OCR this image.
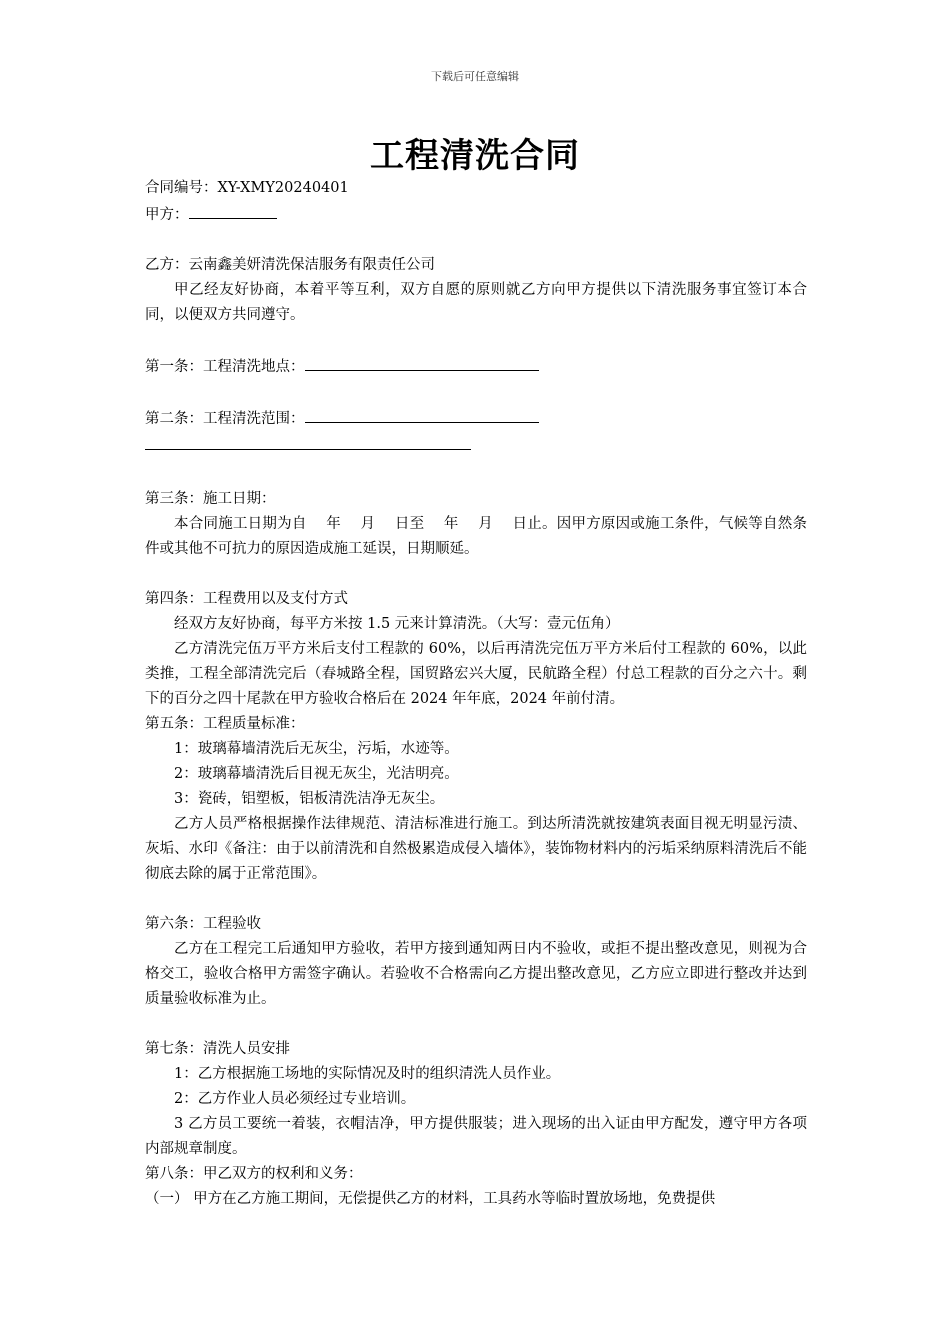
下载后可任意编辑
工程清洗合同
合同编号：XY-XMY20240401
甲方：
乙方：云南鑫美妍清洗保洁服务有限责任公司
甲乙经友好协商，本着平等互利，双方自愿的原则就乙方向甲方提供以下清洗服务事宜签订本合同，以便双方共同遵守。
第一条：工程清洗地点：
第二条：工程清洗范围：
第三条：施工日期：
本合同施工日期为自　 年　 月　 日至　 年　 月　 日止。因甲方原因或施工条件，气候等自然条件或其他不可抗力的原因造成施工延误，日期顺延。
第四条：工程费用以及支付方式
经双方友好协商，每平方米按 1.5 元来计算清洗。（大写：壹元伍角）
乙方清洗完伍万平方米后支付工程款的 60%，以后再清洗完伍万平方米后付工程款的 60%，以此类推，工程全部清洗完后（春城路全程，国贸路宏兴大厦，民航路全程）付总工程款的百分之六十。剩下的百分之四十尾款在甲方验收合格后在 2024 年年底，2024 年前付清。
第五条：工程质量标准：
1：玻璃幕墙清洗后无灰尘，污垢，水迹等。
2：玻璃幕墙清洗后目视无灰尘，光洁明亮。
3：瓷砖，铝塑板，铝板清洗洁净无灰尘。
乙方人员严格根据操作法律规范、清洁标准进行施工。到达所清洗就按建筑表面目视无明显污渍、灰垢、水印《备注：由于以前清洗和自然极累造成侵入墙体》，装饰物材料内的污垢采纳原料清洗后不能彻底去除的属于正常范围》。
第六条：工程验收
乙方在工程完工后通知甲方验收，若甲方接到通知两日内不验收，或拒不提出整改意见，则视为合格交工，验收合格甲方需签字确认。若验收不合格需向乙方提出整改意见，乙方应立即进行整改并达到质量验收标准为止。
第七条：清洗人员安排
1：乙方根据施工场地的实际情况及时的组织清洗人员作业。
2：乙方作业人员必须经过专业培训。
3 乙方员工要统一着装，衣帽洁净，甲方提供服装；进入现场的出入证由甲方配发，遵守甲方各项内部规章制度。
第八条：甲乙双方的权利和义务：
（一） 甲方在乙方施工期间，无偿提供乙方的材料，工具药水等临时置放场地，免费提供
